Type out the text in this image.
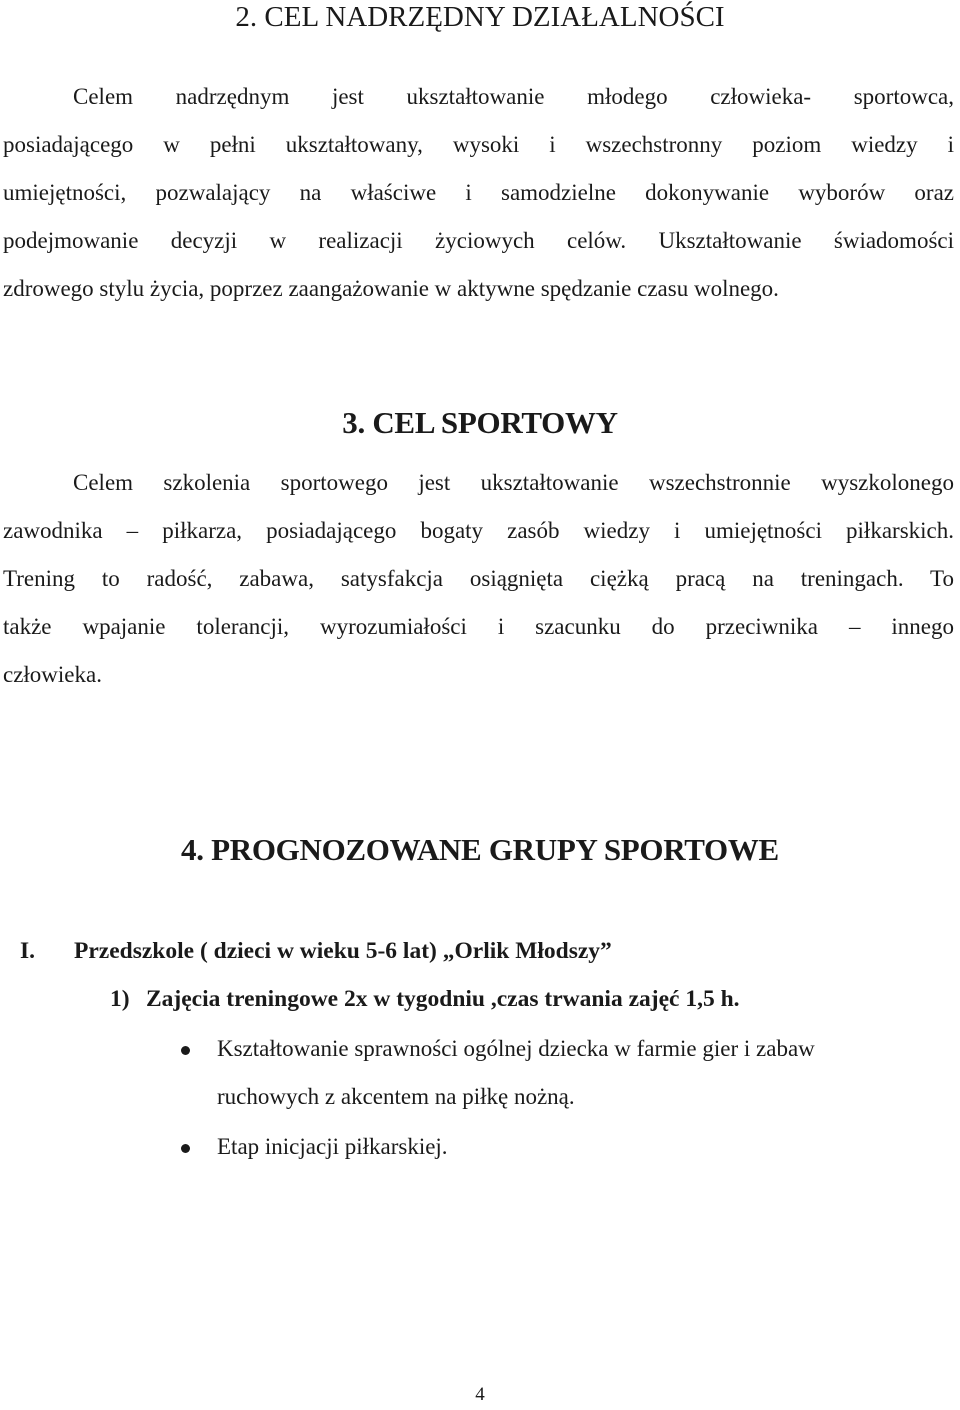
2. CEL NADRZĘDNY DZIAŁALNOŚCI
Celem nadrzędnym jest ukształtowanie młodego człowieka- sportowca,
posiadającego w pełni ukształtowany, wysoki i wszechstronny poziom wiedzy i
umiejętności, pozwalający na właściwe i samodzielne dokonywanie wyborów oraz
podejmowanie decyzji w realizacji życiowych celów. Ukształtowanie świadomości
zdrowego stylu życia, poprzez zaangażowanie w aktywne spędzanie czasu wolnego.
3. CEL SPORTOWY
Celem szkolenia sportowego jest ukształtowanie wszechstronnie wyszkolonego
zawodnika – piłkarza, posiadającego bogaty zasób wiedzy i umiejętności piłkarskich.
Trening to radość, zabawa, satysfakcja osiągnięta ciężką pracą na treningach. To
także wpajanie tolerancji, wyrozumiałości i szacunku do przeciwnika – innego
człowieka.
4. PROGNOZOWANE GRUPY SPORTOWE
I. Przedszkole ( dzieci w wieku 5-6 lat) „Orlik Młodszy”
1) Zajęcia treningowe 2x w tygodniu ,czas trwania zajęć 1,5 h.
Kształtowanie sprawności ogólnej dziecka w farmie gier i zabaw
ruchowych z akcentem na piłkę nożną.
Etap inicjacji piłkarskiej.
4
